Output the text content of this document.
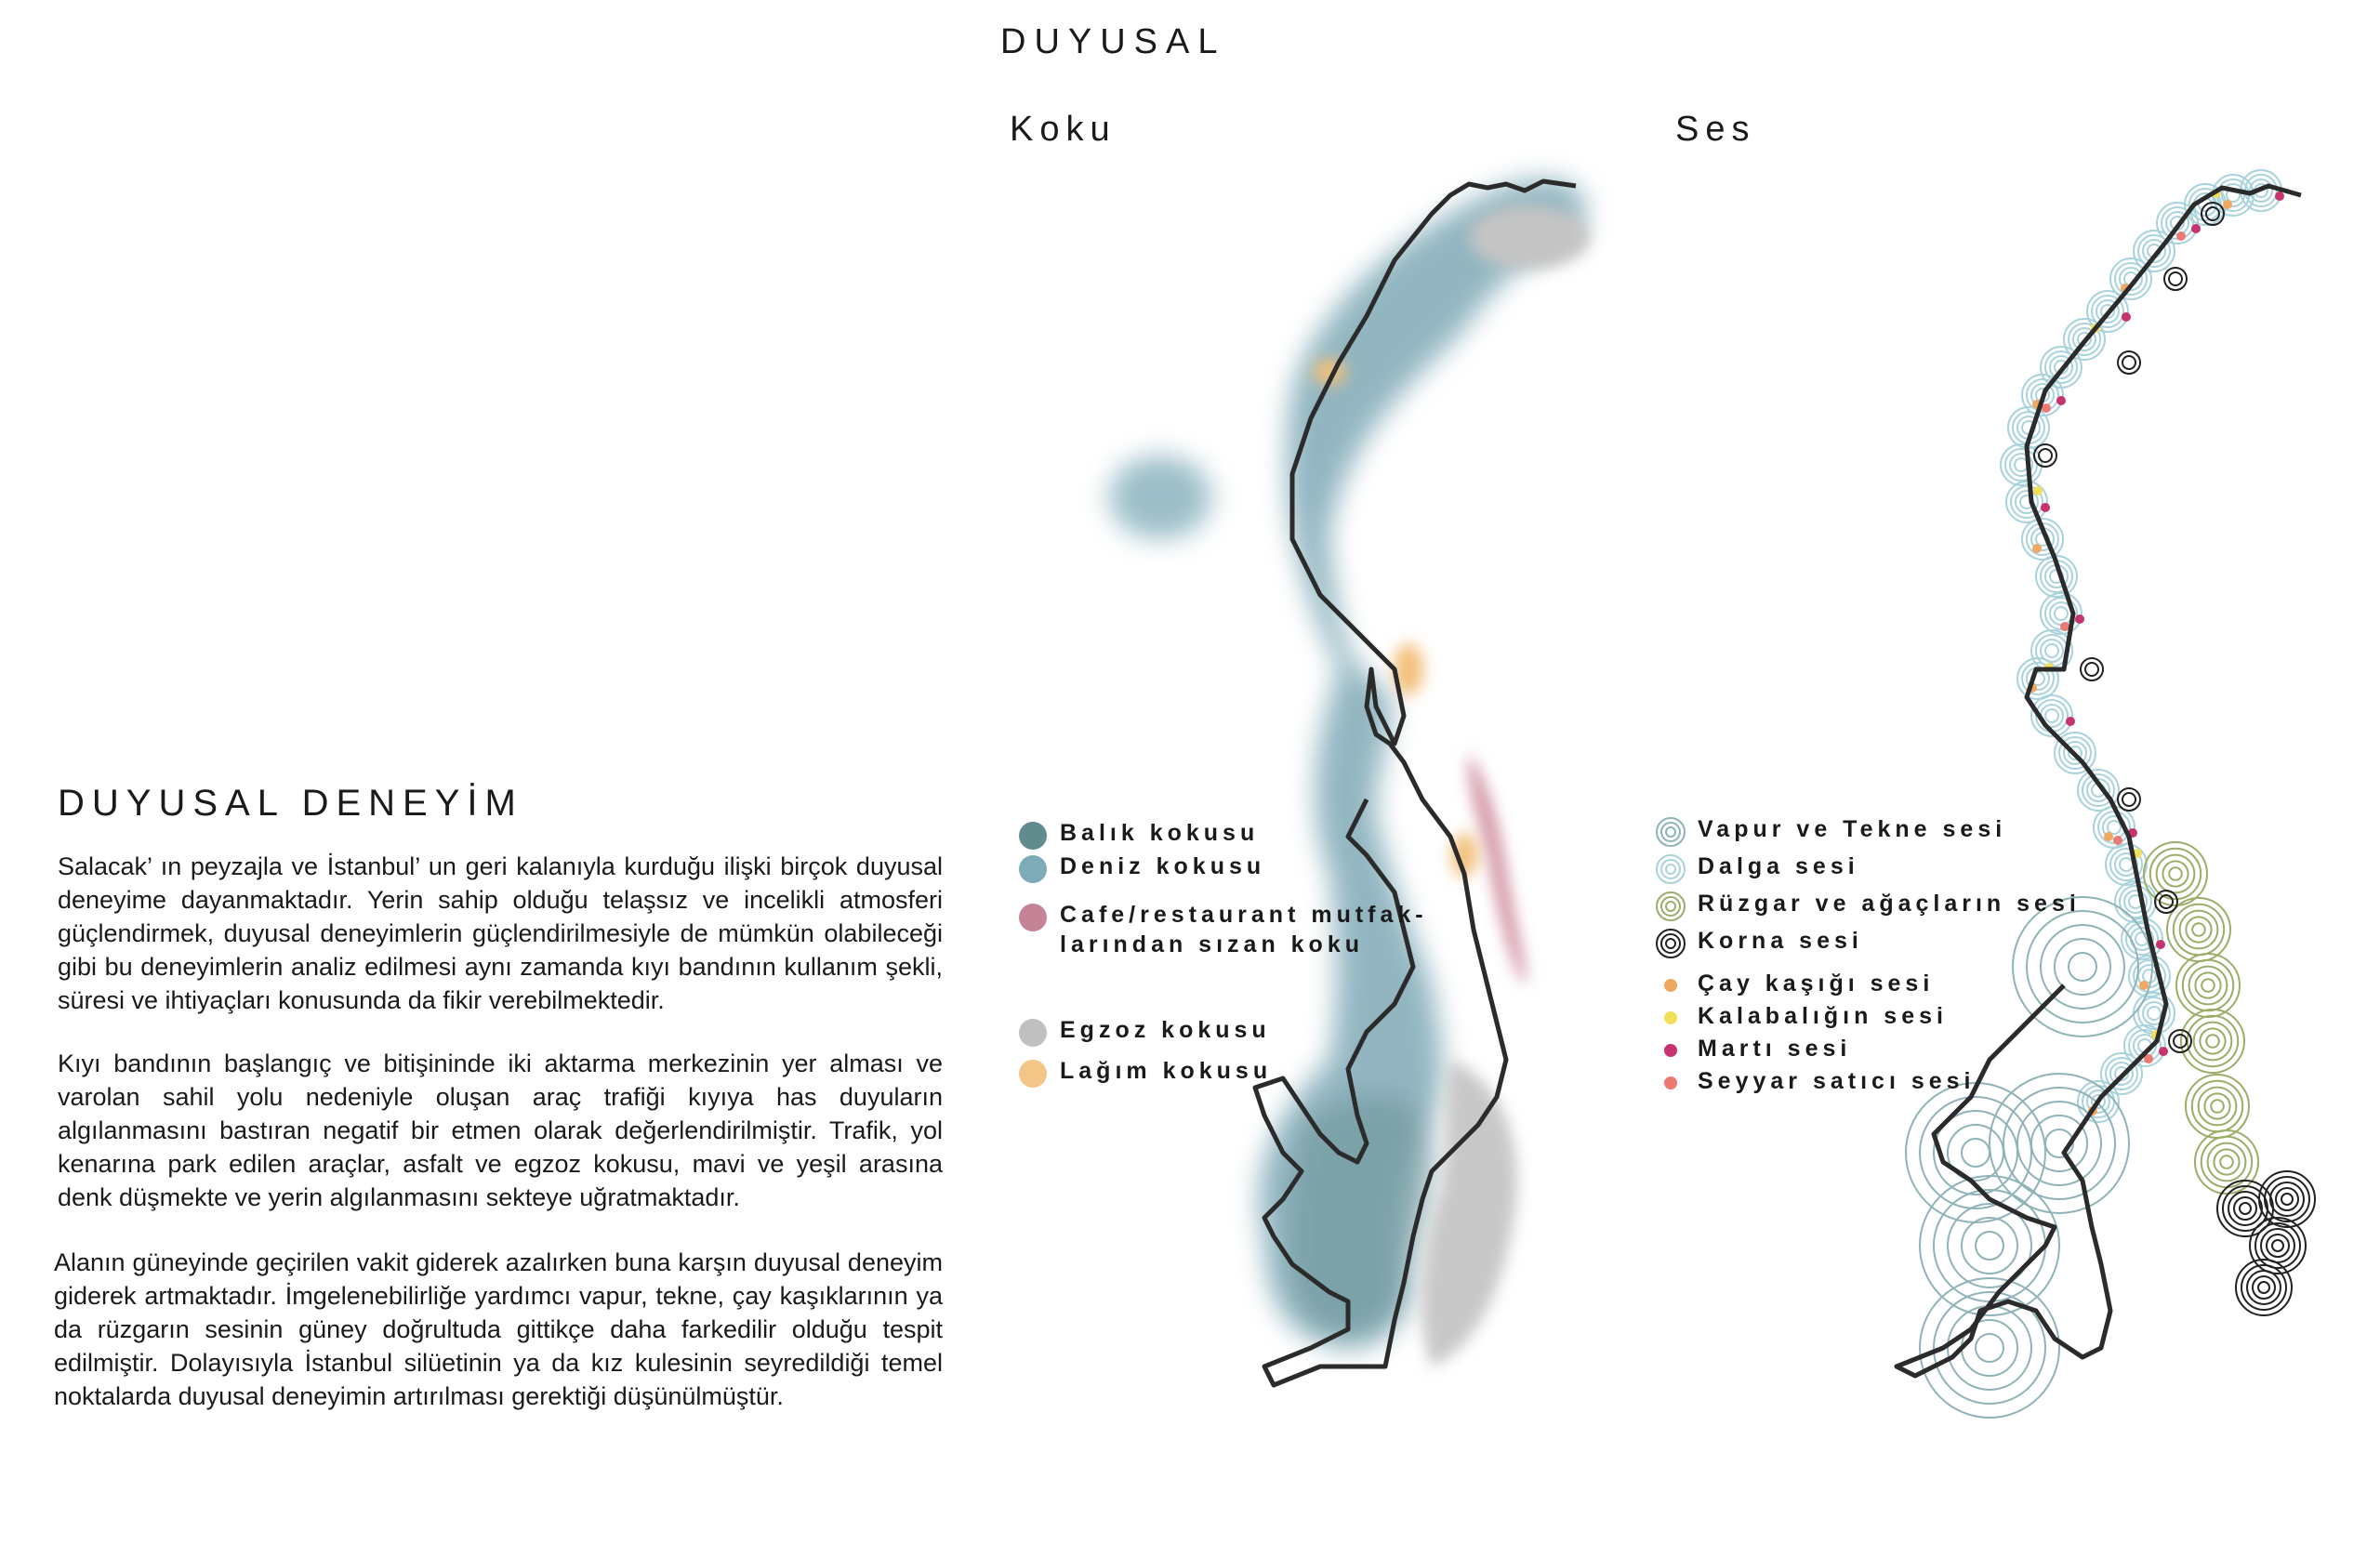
DUYUSAL
Koku	Ses
DUYUSAL DENEYİM

Salacak’ ın peyzajla ve İstanbul’ un geri kalanıyla kurduğu ilişki birçok duyusal deneyime dayanmaktadır. Yerin sahip olduğu telaşsız ve incelikli atmosferi güçlendirmek, duyusal deneyimlerin güçlendirilmesiyle de mümkün olabileceği gibi bu deneyimlerin analiz edilmesi aynı zamanda kıyı bandının kullanım şekli, süresi ve ihtiyaçları konusunda da fikir verebilmektedir.

Kıyı bandının başlangıç ve bitişininde iki aktarma merkezinin yer alması ve varolan sahil yolu nedeniyle oluşan araç trafiği kıyıya has duyuların algılanmasını bastıran negatif bir etmen olarak değerlendirilmiştir. Trafik, yol kenarına park edilen araçlar, asfalt ve egzoz kokusu, mavi ve yeşil arasına denk düşmekte ve yerin algılanmasını sekteye uğratmaktadır.

Alanın güneyinde geçirilen vakit giderek azalırken buna karşın duyusal deneyim giderek artmaktadır. İmgelenebilirliğe yardımcı vapur, tekne, çay kaşıklarının ya da rüzgarın sesinin güney doğrultuda gittikçe daha farkedilir olduğu tespit edilmiştir. Dolayısıyla İstanbul silüetinin ya da kız kulesinin seyredildiği temel noktalarda duyusal deneyimin artırılması gerektiği düşünülmüştür.

Balık kokusu
Deniz kokusu
Cafe/restaurant mutfak-
larından sızan koku
Egzoz kokusu
Lağım kokusu
Vapur ve Tekne sesi
Dalga sesi
Rüzgar ve ağaçların sesi
Korna sesi
Çay kaşığı sesi
Kalabalığın sesi
Martı sesi
Seyyar satıcı sesi
